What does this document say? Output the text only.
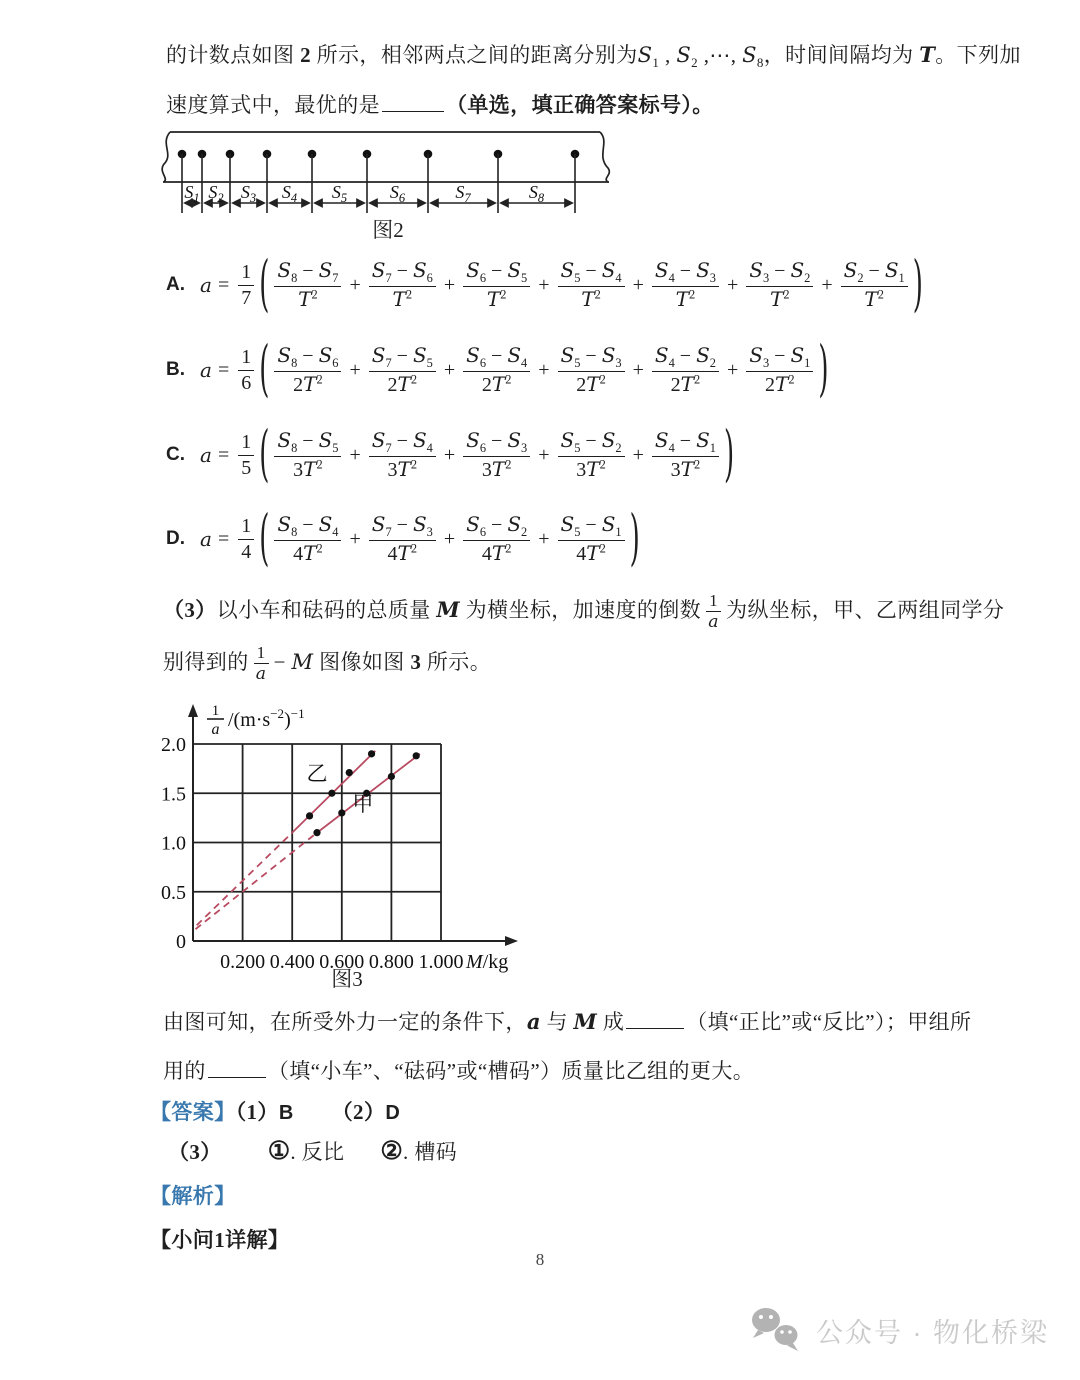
的计数点如图 2 所示，相邻两点之间的距离分别为$S_1$ , $S_2$ ,⋯, $S_8$，时间间隔均为 T。下列加
速度算式中，最优的是	（单选，填正确答案标号）。
$S_1$ $S_2$ $S_3$ $S_4$ $S_5$ $S_6$	$S_7$	$S_8$
图2
A. $a = \frac{1}{7}$ ( $\frac{S_8 - S_7}{T^2} + \frac{S_7 - S_6}{T^2} + \frac{S_6 - S_5}{T^2} + \frac{S_5 - S_4}{T^2} + \frac{S_4 - S_3}{T^2} + \frac{S_3 - S_2}{T^2} + \frac{S_2 - S_1}{T^2}$ )
B. $a = \frac{1}{6}$ ( $\frac{S_8 - S_6}{2T^2} + \frac{S_7 - S_5}{2T^2} + \frac{S_6 - S_4}{2T^2} + \frac{S_5 - S_3}{2T^2} + \frac{S_4 - S_2}{2T^2} + \frac{S_3 - S_1}{2T^2}$ )
C. $a = \frac{1}{5}$ ( $\frac{S_8 - S_5}{3T^2} + \frac{S_7 - S_4}{3T^2} + \frac{S_6 - S_3}{3T^2} + \frac{S_5 - S_2}{3T^2} + \frac{S_4 - S_1}{3T^2}$ )
D. $a = \frac{1}{4}$ ( $\frac{S_8 - S_4}{4T^2} + \frac{S_7 - S_3}{4T^2} + \frac{S_6 - S_2}{4T^2} + \frac{S_5 - S_1}{4T^2}$ )
（3）以小车和砝码的总质量 M 为横坐标，加速度的倒数 $\frac{1}{a}$ 为纵坐标，甲、乙两组同学分
别得到的 $\frac{1}{a} - M$ 图像如图 3 所示。
0
0.5
1.0
1.5
2.0
0.200 0.400 0.600 0.800 1.000 M/kg
1
a $/(m\cdot s^{-2})^{-1}$
乙
甲
图3
由图可知，在所受外力一定的条件下，a 与 M 成	（填“正比”或“反比”）；甲组所
用的	（填“小车”、“砝码”或“槽码”）质量比乙组的更大。
【答案】（1）B （2）D
（3） ①. 反比 ②. 槽码
【解析】
【小问1详解】
8
公众号 · 物化桥梁
